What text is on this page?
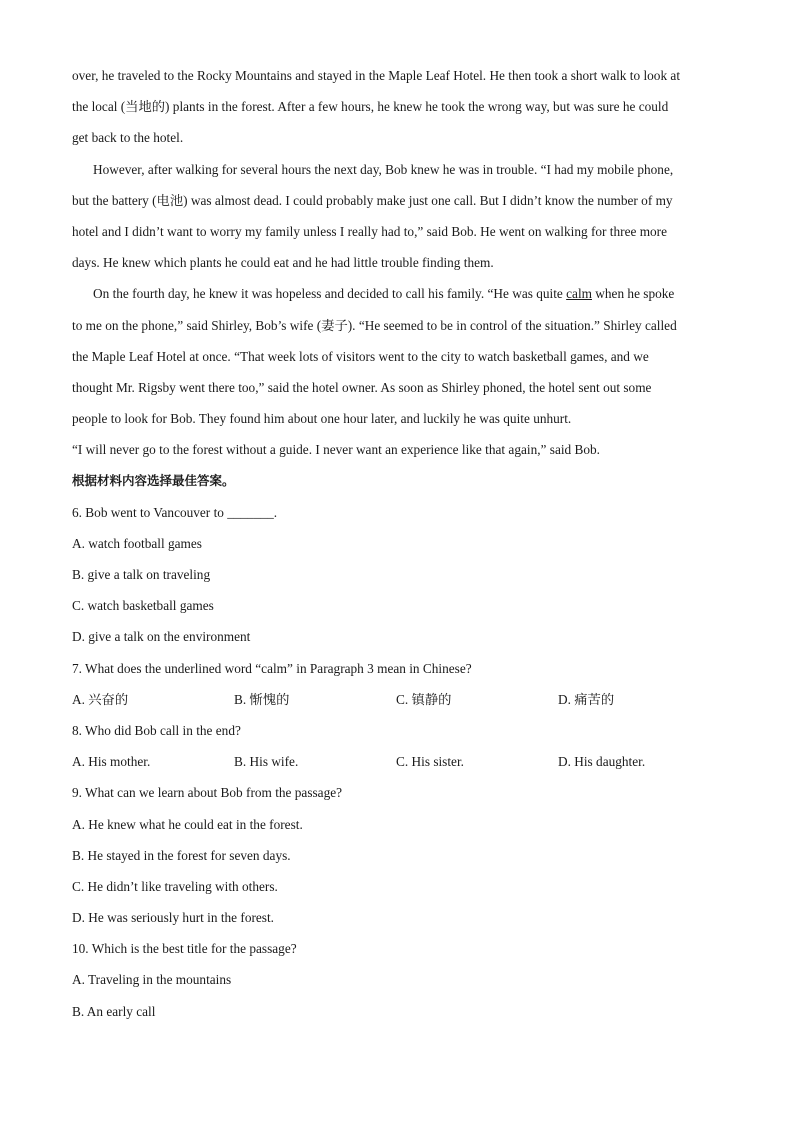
over, he traveled to the Rocky Mountains and stayed in the Maple Leaf Hotel. He then took a short walk to look at
the local (当地的) plants in the forest. After a few hours, he knew he took the wrong way, but was sure he could
get back to the hotel.
However, after walking for several hours the next day, Bob knew he was in trouble. “I had my mobile phone,
but the battery (电池) was almost dead. I could probably make just one call. But I didn’t know the number of my
hotel and I didn’t want to worry my family unless I really had to,” said Bob. He went on walking for three more
days. He knew which plants he could eat and he had little trouble finding them.
On the fourth day, he knew it was hopeless and decided to call his family. “He was quite calm when he spoke
to me on the phone,” said Shirley, Bob’s wife (妻子). “He seemed to be in control of the situation.” Shirley called
the Maple Leaf Hotel at once. “That week lots of visitors went to the city to watch basketball games, and we
thought Mr. Rigsby went there too,” said the hotel owner. As soon as Shirley phoned, the hotel sent out some
people to look for Bob. They found him about one hour later, and luckily he was quite unhurt.
“I will never go to the forest without a guide. I never want an experience like that again,” said Bob.
根据材料内容选择最佳答案。
6. Bob went to Vancouver to _______.
A. watch football games
B. give a talk on traveling
C. watch basketball games
D. give a talk on the environment
7. What does the underlined word “calm” in Paragraph 3 mean in Chinese?
A. 兴奋的	B. 惭愧的	C. 镇静的	D. 痛苦的
8. Who did Bob call in the end?
A. His mother.	B. His wife.	C. His sister.	D. His daughter.
9. What can we learn about Bob from the passage?
A. He knew what he could eat in the forest.
B. He stayed in the forest for seven days.
C. He didn’t like traveling with others.
D. He was seriously hurt in the forest.
10. Which is the best title for the passage?
A. Traveling in the mountains
B. An early call
